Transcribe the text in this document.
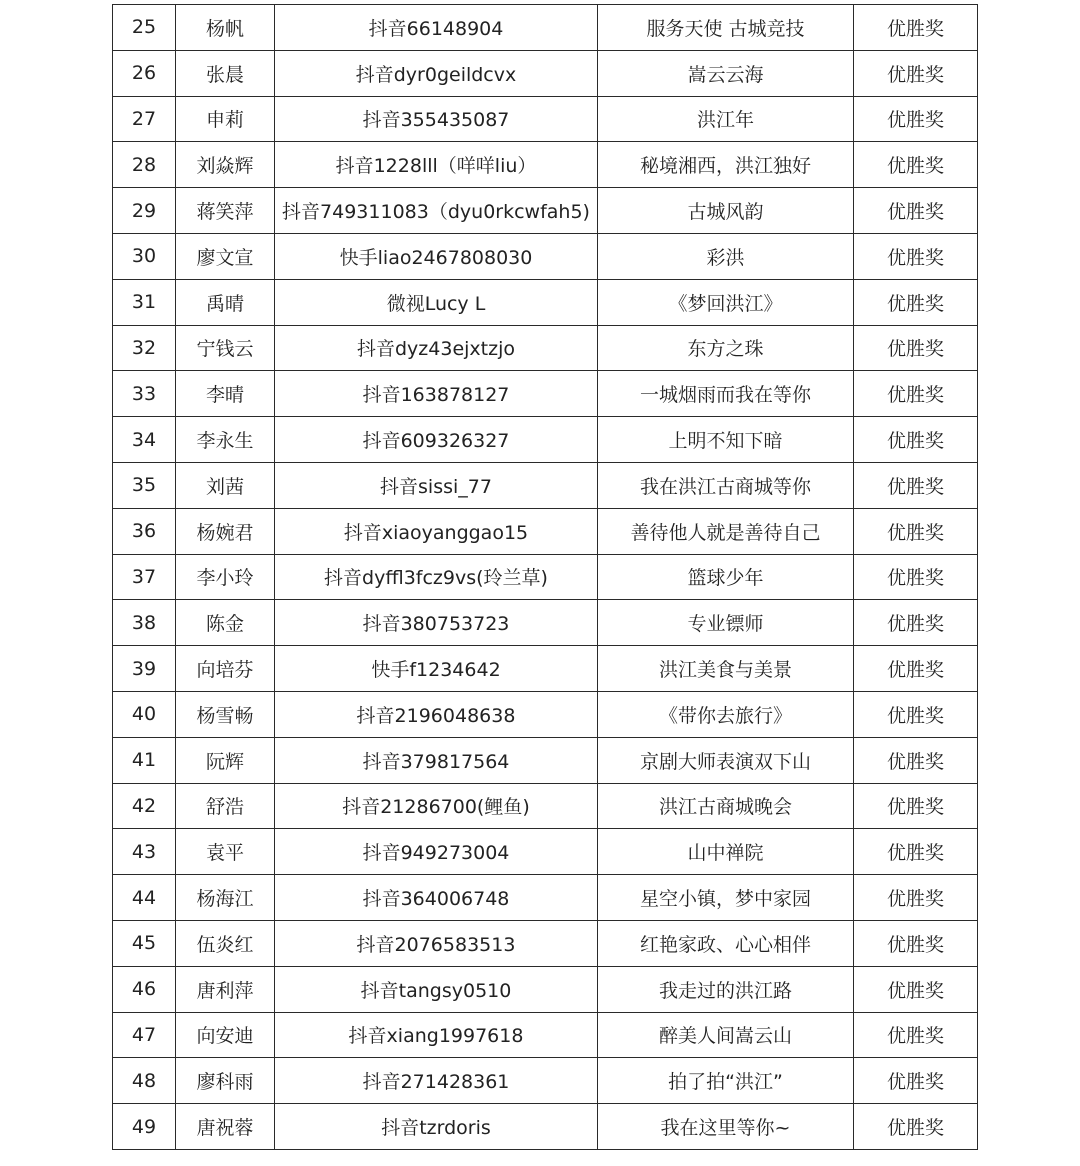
25	杨帆	抖音66148904	服务天使 古城竞技	优胜奖
26	张晨	抖音dyr0geildcvx	嵩云云海	优胜奖
27	申莉	抖音355435087	洪江年	优胜奖
28	刘焱辉	抖音1228lll（咩咩liu）	秘境湘西，洪江独好	优胜奖
29	蒋笑萍	抖音749311083（dyu0rkcwfah5)	古城风韵	优胜奖
30	廖文宣	快手liao2467808030	彩洪	优胜奖
31	禹晴	微视Lucy L	《梦回洪江》	优胜奖
32	宁钱云	抖音dyz43ejxtzjo	东方之珠	优胜奖
33	李晴	抖音163878127	一城烟雨而我在等你	优胜奖
34	李永生	抖音609326327	上明不知下暗	优胜奖
35	刘茜	抖音sissi_77	我在洪江古商城等你	优胜奖
36	杨婉君	抖音xiaoyanggao15	善待他人就是善待自己	优胜奖
37	李小玲	抖音dyffl3fcz9vs(玲兰草)	篮球少年	优胜奖
38	陈金	抖音380753723	专业镖师	优胜奖
39	向培芬	快手f1234642	洪江美食与美景	优胜奖
40	杨雪畅	抖音2196048638	《带你去旅行》	优胜奖
41	阮辉	抖音379817564	京剧大师表演双下山	优胜奖
42	舒浩	抖音21286700(鲤鱼)	洪江古商城晚会	优胜奖
43	袁平	抖音949273004	山中禅院	优胜奖
44	杨海江	抖音364006748	星空小镇，梦中家园	优胜奖
45	伍炎红	抖音2076583513	红艳家政、心心相伴	优胜奖
46	唐利萍	抖音tangsy0510	我走过的洪江路	优胜奖
47	向安迪	抖音xiang1997618	醉美人间嵩云山	优胜奖
48	廖科雨	抖音271428361	拍了拍“洪江”	优胜奖
49	唐祝蓉	抖音tzrdoris	我在这里等你~	优胜奖
